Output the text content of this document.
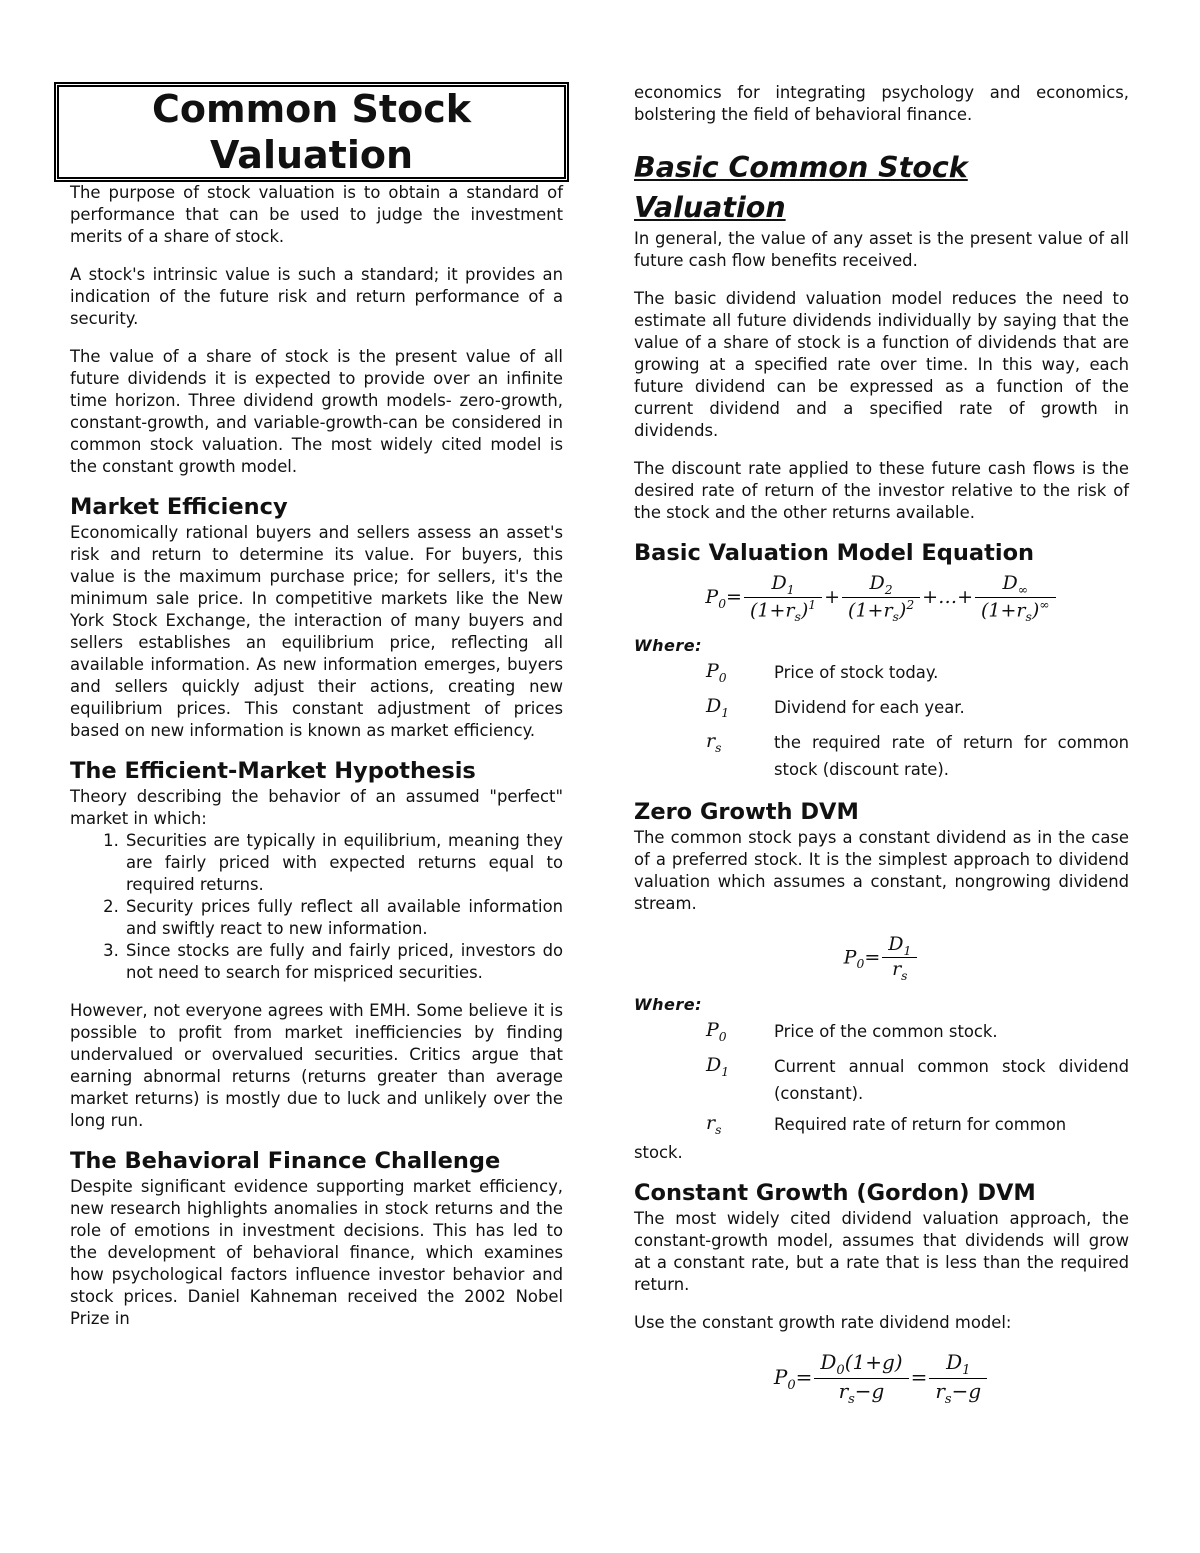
Common Stock Valuation

The purpose of stock valuation is to obtain a standard of performance that can be used to judge the investment merits of a share of stock.

A stock's intrinsic value is such a standard; it provides an indication of the future risk and return performance of a security.

The value of a share of stock is the present value of all future dividends it is expected to provide over an infinite time horizon. Three dividend growth models- zero-growth, constant-growth, and variable-growth-can be considered in common stock valuation. The most widely cited model is the constant growth model.

Market Efficiency

Economically rational buyers and sellers assess an asset's risk and return to determine its value. For buyers, this value is the maximum purchase price; for sellers, it's the minimum sale price. In competitive markets like the New York Stock Exchange, the interaction of many buyers and sellers establishes an equilibrium price, reflecting all available information. As new information emerges, buyers and sellers quickly adjust their actions, creating new equilibrium prices. This constant adjustment of prices based on new information is known as market efficiency.

The Efficient-Market Hypothesis

Theory describing the behavior of an assumed "perfect" market in which:

1. Securities are typically in equilibrium, meaning they are fairly priced with expected returns equal to required returns.
2. Security prices fully reflect all available information and swiftly react to new information.
3. Since stocks are fully and fairly priced, investors do not need to search for mispriced securities.

However, not everyone agrees with EMH. Some believe it is possible to profit from market inefficiencies by finding undervalued or overvalued securities. Critics argue that earning abnormal returns (returns greater than average market returns) is mostly due to luck and unlikely over the long run.

The Behavioral Finance Challenge

Despite significant evidence supporting market efficiency, new research highlights anomalies in stock returns and the role of emotions in investment decisions. This has led to the development of behavioral finance, which examines how psychological factors influence investor behavior and stock prices. Daniel Kahneman received the 2002 Nobel Prize in

economics for integrating psychology and economics, bolstering the field of behavioral finance.

Basic Common Stock Valuation

In general, the value of any asset is the present value of all future cash flow benefits received.

The basic dividend valuation model reduces the need to estimate all future dividends individually by saying that the value of a share of stock is a function of dividends that are growing at a specified rate over time. In this way, each future dividend can be expressed as a function of the current dividend and a specified rate of growth in dividends.

The discount rate applied to these future cash flows is the desired rate of return of the investor relative to the risk of the stock and the other returns available.

Basic Valuation Model Equation
$P_0= \frac{D_1}{(1+r_s)^1} + \frac{D_2}{(1+r_s)^2}$ +…+ $\frac{D_\infty}{(1+r_s)^\infty}$
Where:
$P_0$	Price of stock today.
$D_1$	Dividend for each year.
$r_s$	the required rate of return for common stock (discount rate).
Zero Growth DVM

The common stock pays a constant dividend as in the case of a preferred stock. It is the simplest approach to dividend valuation which assumes a constant, nongrowing dividend stream.

$P_0= \frac{D_1}{r_s}$
Where:
$P_0$	Price of the common stock.
$D_1$	Current annual common stock dividend (constant).
$r_s$	Required rate of return for common

stock.

Constant Growth (Gordon) DVM

The most widely cited dividend valuation approach, the constant-growth model, assumes that dividends will grow at a constant rate, but a rate that is less than the required return.

Use the constant growth rate dividend model:

$P_0= \frac{D_0(1+g)}{r_s-g} = \frac{D_1}{r_s-g}$
